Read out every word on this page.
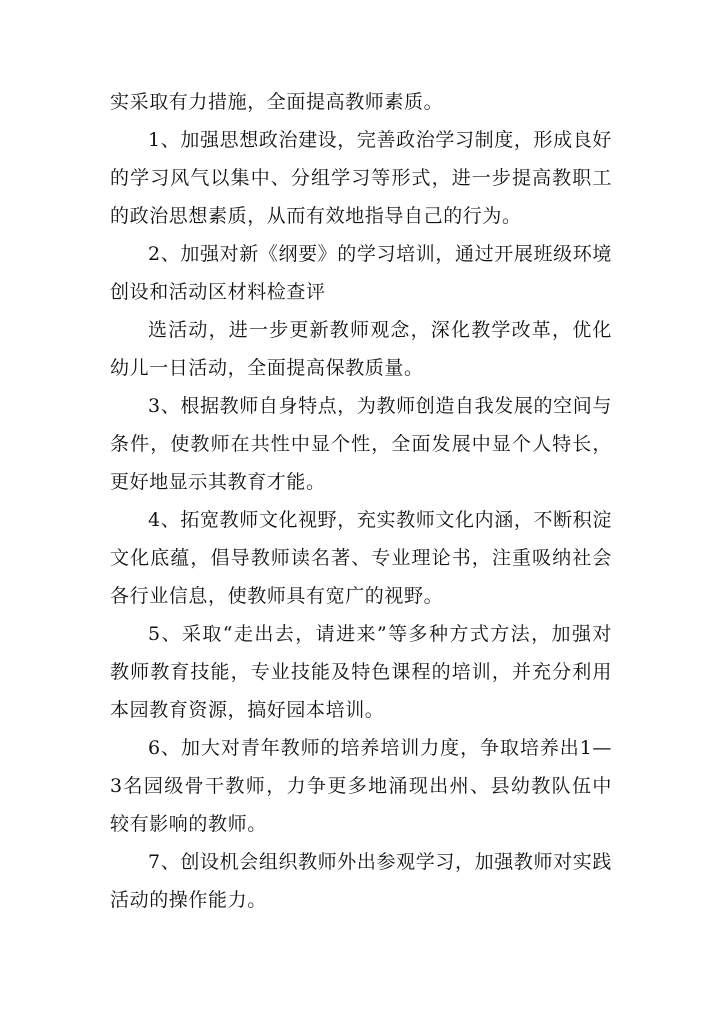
实采取有力措施，全面提高教师素质。

1、加强思想政治建设，完善政治学习制度，形成良好的学习风气以集中、分组学习等形式，进一步提高教职工的政治思想素质，从而有效地指导自己的行为。

2、加强对新《纲要》的学习培训，通过开展班级环境创设和活动区材料检查评

选活动，进一步更新教师观念，深化教学改革，优化幼儿一日活动，全面提高保教质量。

3、根据教师自身特点，为教师创造自我发展的空间与条件，使教师在共性中显个性，全面发展中显个人特长，更好地显示其教育才能。

4、拓宽教师文化视野，充实教师文化内涵，不断积淀文化底蕴，倡导教师读名著、专业理论书，注重吸纳社会各行业信息，使教师具有宽广的视野。

5、采取“走出去，请进来”等多种方式方法，加强对教师教育技能，专业技能及特色课程的培训，并充分利用本园教育资源，搞好园本培训。

6、加大对青年教师的培养培训力度，争取培养出1—3名园级骨干教师，力争更多地涌现出州、县幼教队伍中较有影响的教师。

7、创设机会组织教师外出参观学习，加强教师对实践活动的操作能力。
